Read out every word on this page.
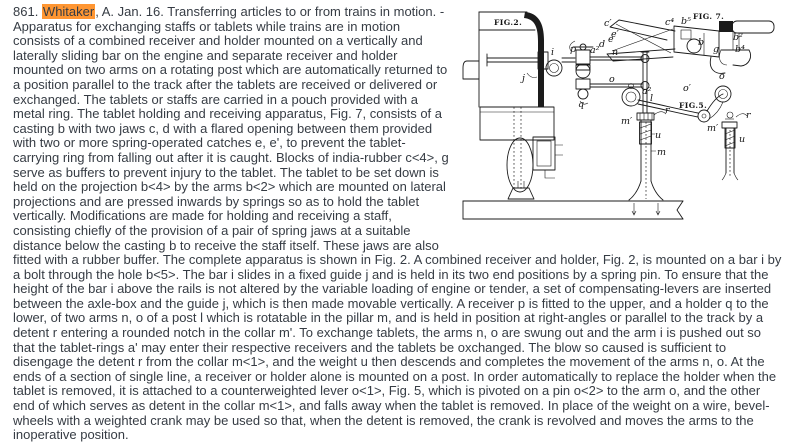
FIG.2.
FIG. 7.
FIG.5.
i
j
p a²
q
n
o
l
m′
r
u
m
c′
e′
d e
c⁴ b⁵
b
g
b²
b⁴
a²	o′
o
m′
u
r

861. Whitaker, A. Jan. 16. Transferring articles to or from trains in motion. - Apparatus for exchanging staffs or tablets while trains are in motion consists of a combined receiver and holder mounted on a vertically and laterally sliding bar on the engine and separate receiver and holder mounted on two arms on a rotating post which are automatically returned to a position parallel to the track after the tablets are received or delivered or exchanged. The tablets or staffs are carried in a pouch provided with a metal ring. The tablet holding and receiving apparatus, Fig. 7, consists of a casting b with two jaws c, d with a flared opening between them provided with two or more spring-operated catches e, e', to prevent the tablet-carrying ring from falling out after it is caught. Blocks of india-rubber c<4>, g serve as buffers to prevent injury to the tablet. The tablet to be set down is held on the projection b<4> by the arms b<2> which are mounted on lateral projections and are pressed inwards by springs so as to hold the tablet vertically. Modifications are made for holding and receiving a staff, consisting chiefly of the provision of a pair of spring jaws at a suitable distance below the casting b to receive the staff itself. These jaws are also fitted with a rubber buffer. The complete apparatus is shown in Fig. 2. A combined receiver and holder, Fig. 2, is mounted on a bar i by a bolt through the hole b<5>. The bar i slides in a fixed guide j and is held in its two end positions by a spring pin. To ensure that the height of the bar i above the rails is not altered by the variable loading of engine or tender, a set of compensating-levers are inserted between the axle-box and the guide j, which is then made movable vertically. A receiver p is fitted to the upper, and a holder q to the lower, of two arms n, o of a post l which is rotatable in the pillar m, and is held in position at right-angles or parallel to the track by a detent r entering a rounded notch in the collar m'. To exchange tablets, the arms n, o are swung out and the arm i is pushed out so that the tablet-rings a' may enter their respective receivers and the tablets be oxchanged. The blow so caused is sufficient to disengage the detent r from the collar m<1>, and the weight u then descends and completes the movement of the arms n, o. At the ends of a section of single line, a receiver or holder alone is mounted on a post. In order automatically to replace the holder when the tablet is removed, it is attached to a counterweighted lever o<1>, Fig. 5, which is pivoted on a pin o<2> to the arm o, and the other end of which serves as detent in the collar m<1>, and falls away when the tablet is removed. In place of the weight on a wire, bevel-wheels with a weighted crank may be used so that, when the detent is removed, the crank is revolved and moves the arms to the inoperative position.
